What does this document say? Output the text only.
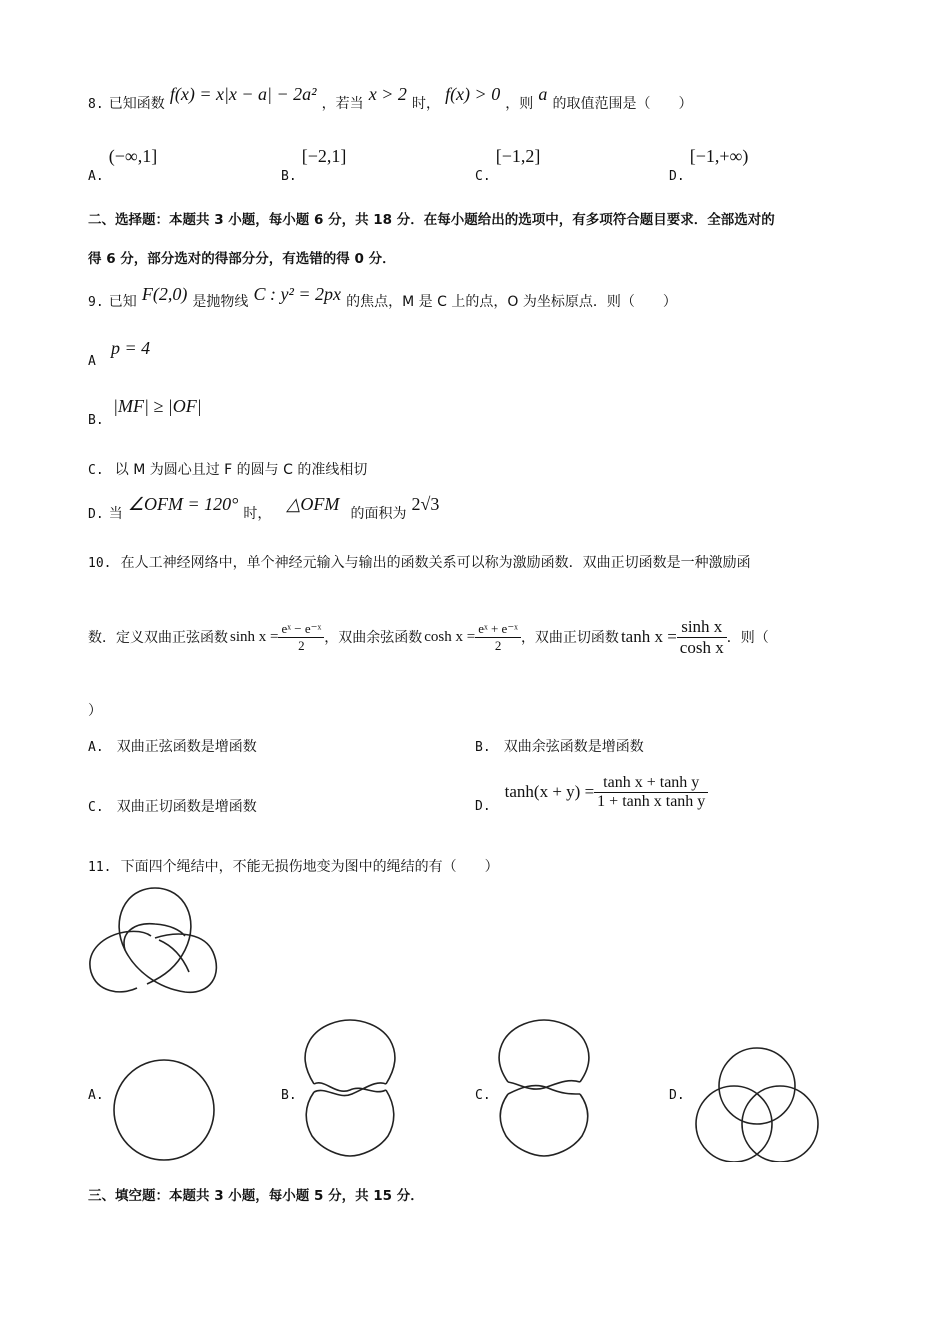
8. 已知函数 f(x) = x|x − a| − 2a² ，若当 x > 2 时， f(x) > 0 ，则 a 的取值范围是（　　）
$_{A.}$ (−∞,1]
$_{B.}$ [−2,1]
$_{C.}$ [−1,2]
$_{D.}$ [−1,+∞)
二、选择题：本题共 3 小题，每小题 6 分，共 18 分．在每小题给出的选项中，有多项符合题目要求．全部选对的
得 6 分，部分选对的得部分分，有选错的得 0 分．
9. 已知 F(2,0) 是抛物线 C : y² = 2px 的焦点，M 是 C 上的点，O 为坐标原点．则（　　）
p = 4
A
|MF| ≥ |OF|
B.
C. 以 M 为圆心且过 F 的圆与 C 的准线相切
$_{D.}$ 当 ∠OFM = 120° 时， △OFM 的面积为 2√3
10. 在人工神经网络中，单个神经元输入与输出的函数关系可以称为激励函数．双曲正切函数是一种激励函
数．定义双曲正弦函数 $\sinh x = \frac{\text{eˣ − e⁻ˣ}}{2}$ ，双曲余弦函数 $\cosh x = \frac{\text{eˣ + e⁻ˣ}}{2}$ ，双曲正切函数 $\tanh x = \frac{\text{sinh x}}{\text{cosh x}}$ ．则（
）
A. 双曲正弦函数是增函数	B. 双曲余弦函数是增函数
C. 双曲正切函数是增函数	D.
$\tanh(x + y) = \frac{\text{tanh x + tanh y}}{\text{1 + tanh x tanh y}}$
11. 下面四个绳结中，不能无损伤地变为图中的绳结的有（　　）
A.	B.	C.	D.
三、填空题：本题共 3 小题，每小题 5 分，共 15 分．
